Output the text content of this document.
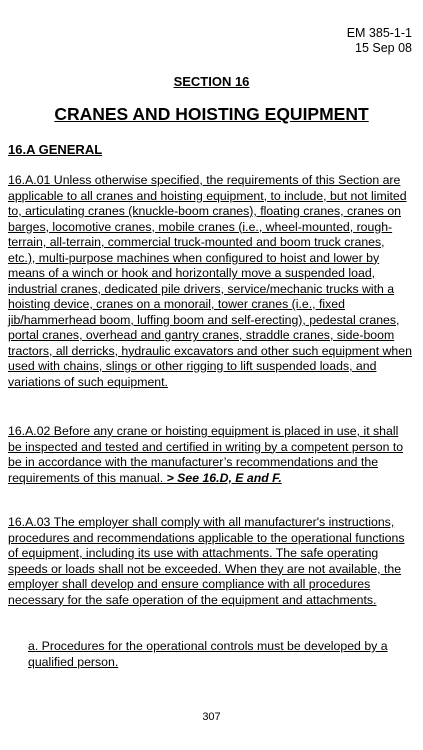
EM 385-1-1
15 Sep 08
SECTION 16
CRANES AND HOISTING EQUIPMENT
16.A GENERAL

16.A.01 Unless otherwise specified, the requirements of this Section are applicable to all cranes and hoisting equipment, to include, but not limited to, articulating cranes (knuckle-boom cranes), floating cranes, cranes on barges, locomotive cranes, mobile cranes (i.e., wheel-mounted, rough-terrain, all-terrain, commercial truck-mounted and boom truck cranes, etc.), multi-purpose machines when configured to hoist and lower by means of a winch or hook and horizontally move a suspended load, industrial cranes, dedicated pile drivers, service/mechanic trucks with a hoisting device, cranes on a monorail, tower cranes (i.e., fixed jib/hammerhead boom, luffing boom and self-erecting), pedestal cranes, portal cranes, overhead and gantry cranes, straddle cranes, side-boom tractors, all derricks, hydraulic excavators and other such equipment when used with chains, slings or other rigging to lift suspended loads, and variations of such equipment.

16.A.02 Before any crane or hoisting equipment is placed in use, it shall be inspected and tested and certified in writing by a competent person to be in accordance with the manufacturer’s recommendations and the requirements of this manual. > See 16.D, E and F.

16.A.03 The employer shall comply with all manufacturer's instructions, procedures and recommendations applicable to the operational functions of equipment, including its use with attachments. The safe operating speeds or loads shall not be exceeded. When they are not available, the employer shall develop and ensure compliance with all procedures necessary for the safe operation of the equipment and attachments.

a. Procedures for the operational controls must be developed by a qualified person.

307
